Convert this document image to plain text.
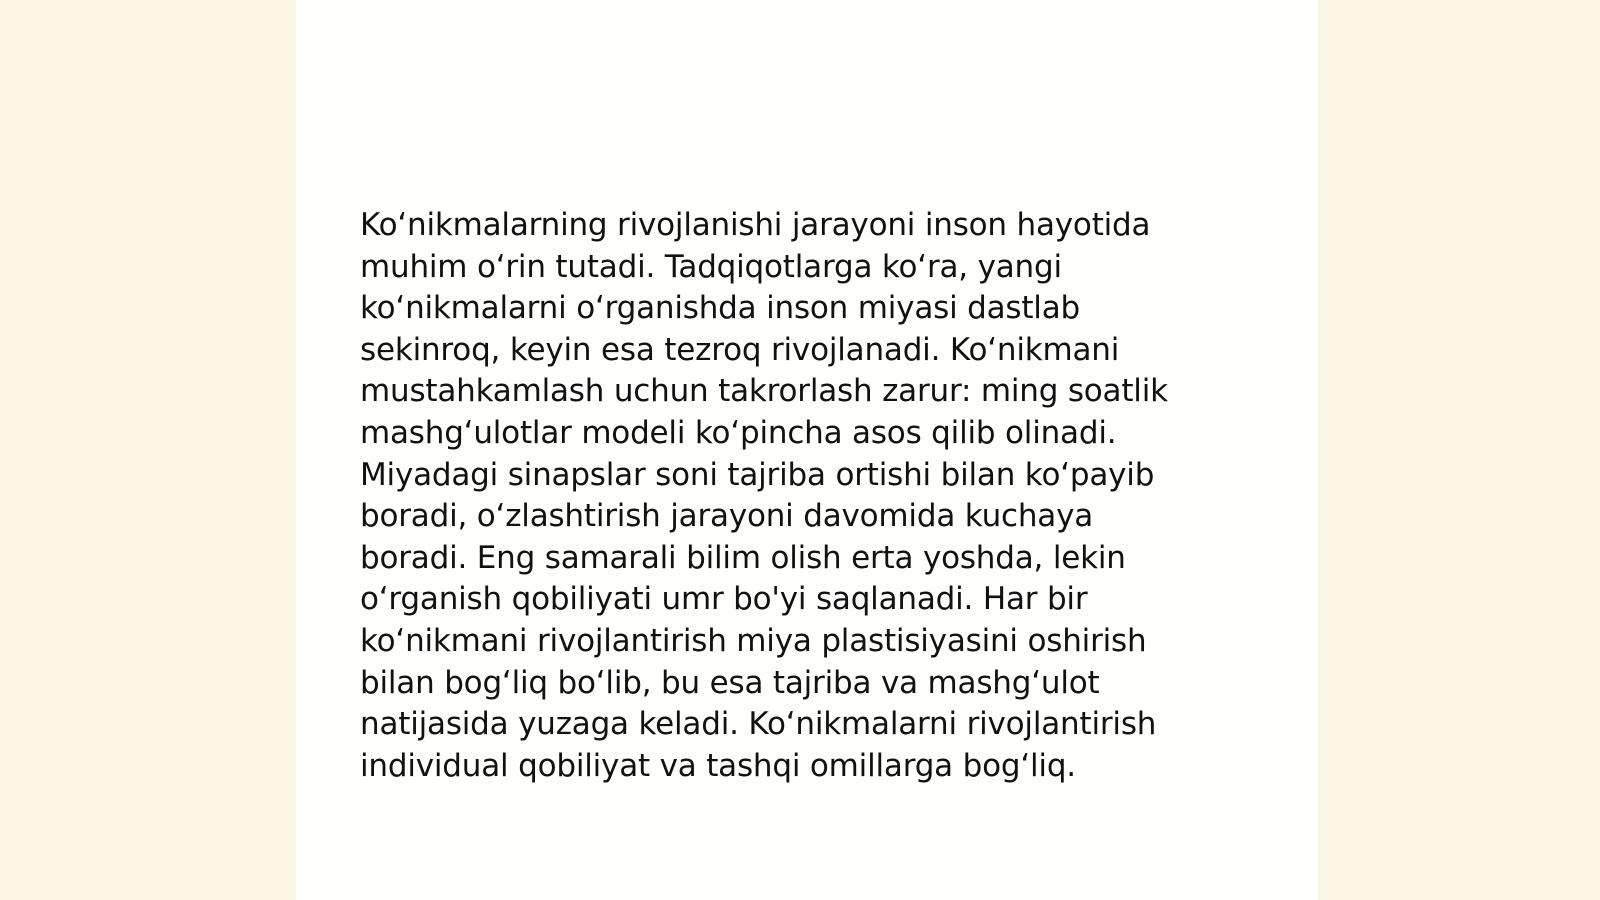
Koʻnikmalarning rivojlanishi jarayoni inson hayotida
muhim oʻrin tutadi. Tadqiqotlarga koʻra, yangi
koʻnikmalarni oʻrganishda inson miyasi dastlab
sekinroq, keyin esa tezroq rivojlanadi. Koʻnikmani
mustahkamlash uchun takrorlash zarur: ming soatlik
mashgʻulotlar modeli koʻpincha asos qilib olinadi.
Miyadagi sinapslar soni tajriba ortishi bilan koʻpayib
boradi, oʻzlashtirish jarayoni davomida kuchaya
boradi. Eng samarali bilim olish erta yoshda, lekin
oʻrganish qobiliyati umr bo'yi saqlanadi. Har bir
koʻnikmani rivojlantirish miya plastisiyasini oshirish
bilan bogʻliq boʻlib, bu esa tajriba va mashgʻulot
natijasida yuzaga keladi. Koʻnikmalarni rivojlantirish
individual qobiliyat va tashqi omillarga bogʻliq.
